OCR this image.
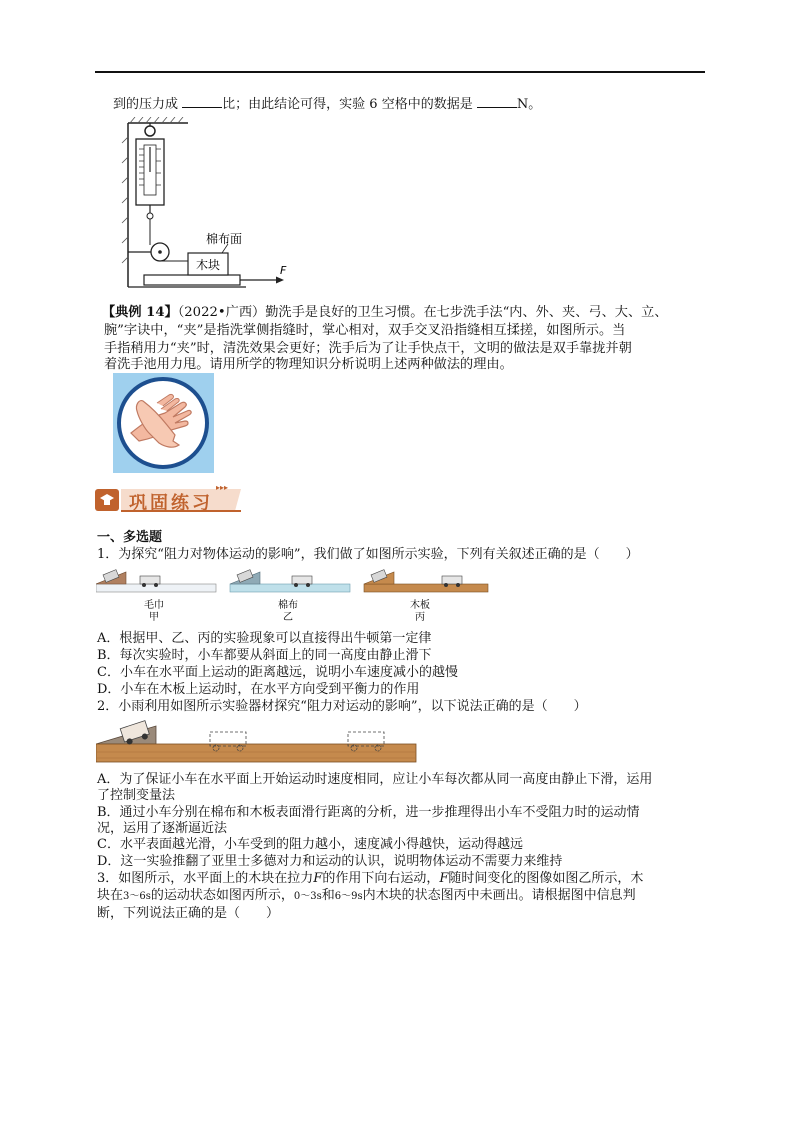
到的压力成	比；由此结论可得，实验 6 空格中的数据是	N。
木块
棉布面
F
【典例 14】（2022•广西）勤洗手是良好的卫生习惯。在七步洗手法“内、外、夹、弓、大、立、
腕”字诀中，“夹”是指洗掌侧指缝时，掌心相对，双手交叉沿指缝相互揉搓，如图所示。当
手指稍用力“夹”时，清洗效果会更好；洗手后为了让手快点干，文明的做法是双手靠拢并朝
着洗手池用力甩。请用所学的物理知识分析说明上述两种做法的理由。
▸▸▸
巩固练习
一、多选题
1．为探究“阻力对物体运动的影响”，我们做了如图所示实验，下列有关叙述正确的是（　　）
毛巾
甲
棉布
乙
木板
丙
A．根据甲、乙、丙的实验现象可以直接得出牛顿第一定律
B．每次实验时，小车都要从斜面上的同一高度由静止滑下
C．小车在水平面上运动的距离越远，说明小车速度减小的越慢
D．小车在木板上运动时，在水平方向受到平衡力的作用
2．小雨利用如图所示实验器材探究“阻力对运动的影响”，以下说法正确的是（　　）
A．为了保证小车在水平面上开始运动时速度相同，应让小车每次都从同一高度由静止下滑，运用
了控制变量法
B．通过小车分别在棉布和木板表面滑行距离的分析，进一步推理得出小车不受阻力时的运动情
况，运用了逐渐逼近法
C．水平表面越光滑，小车受到的阻力越小，速度减小得越快，运动得越远
D．这一实验推翻了亚里士多德对力和运动的认识，说明物体运动不需要力来维持
3．如图所示，水平面上的木块在拉力F的作用下向右运动，F随时间变化的图像如图乙所示，木
块在3～6s的运动状态如图丙所示，0～3s和6～9s内木块的状态图丙中未画出。请根据图中信息判
断，下列说法正确的是（　　）
